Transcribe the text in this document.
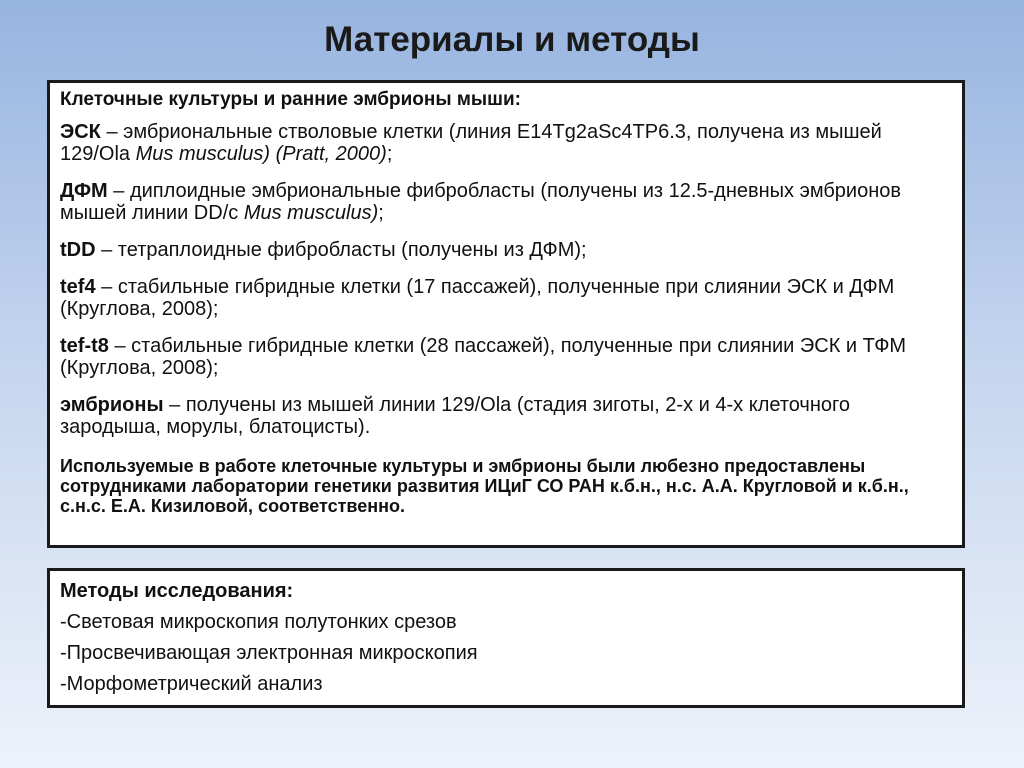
Материалы и методы

Клеточные культуры и ранние эмбрионы мыши:

ЭСК – эмбриональные стволовые клетки (линия E14Tg2aSc4TP6.3, получена из мышей 129/Ola Mus musculus) (Pratt, 2000);

ДФМ – диплоидные эмбриональные фибробласты (получены из 12.5-дневных эмбрионов мышей линии DD/c Mus musculus);

tDD – тетраплоидные фибробласты (получены из ДФМ);

tef4 – стабильные гибридные клетки (17 пассажей), полученные при слиянии ЭСК и ДФМ (Круглова, 2008);

tef-t8 – стабильные гибридные клетки (28 пассажей), полученные при слиянии ЭСК и ТФМ (Круглова, 2008);

эмбрионы – получены из мышей линии 129/Ola (стадия зиготы, 2-х и 4-х клеточного зародыша, морулы, блатоцисты).

Используемые в работе клеточные культуры и эмбрионы были любезно предоставлены сотрудниками лаборатории генетики развития ИЦиГ СО РАН к.б.н., н.с. А.А. Кругловой и к.б.н., с.н.с. Е.А. Кизиловой, соответственно.

Методы исследования:

-Световая микроскопия полутонких срезов

-Просвечивающая электронная микроскопия

-Морфометрический анализ
